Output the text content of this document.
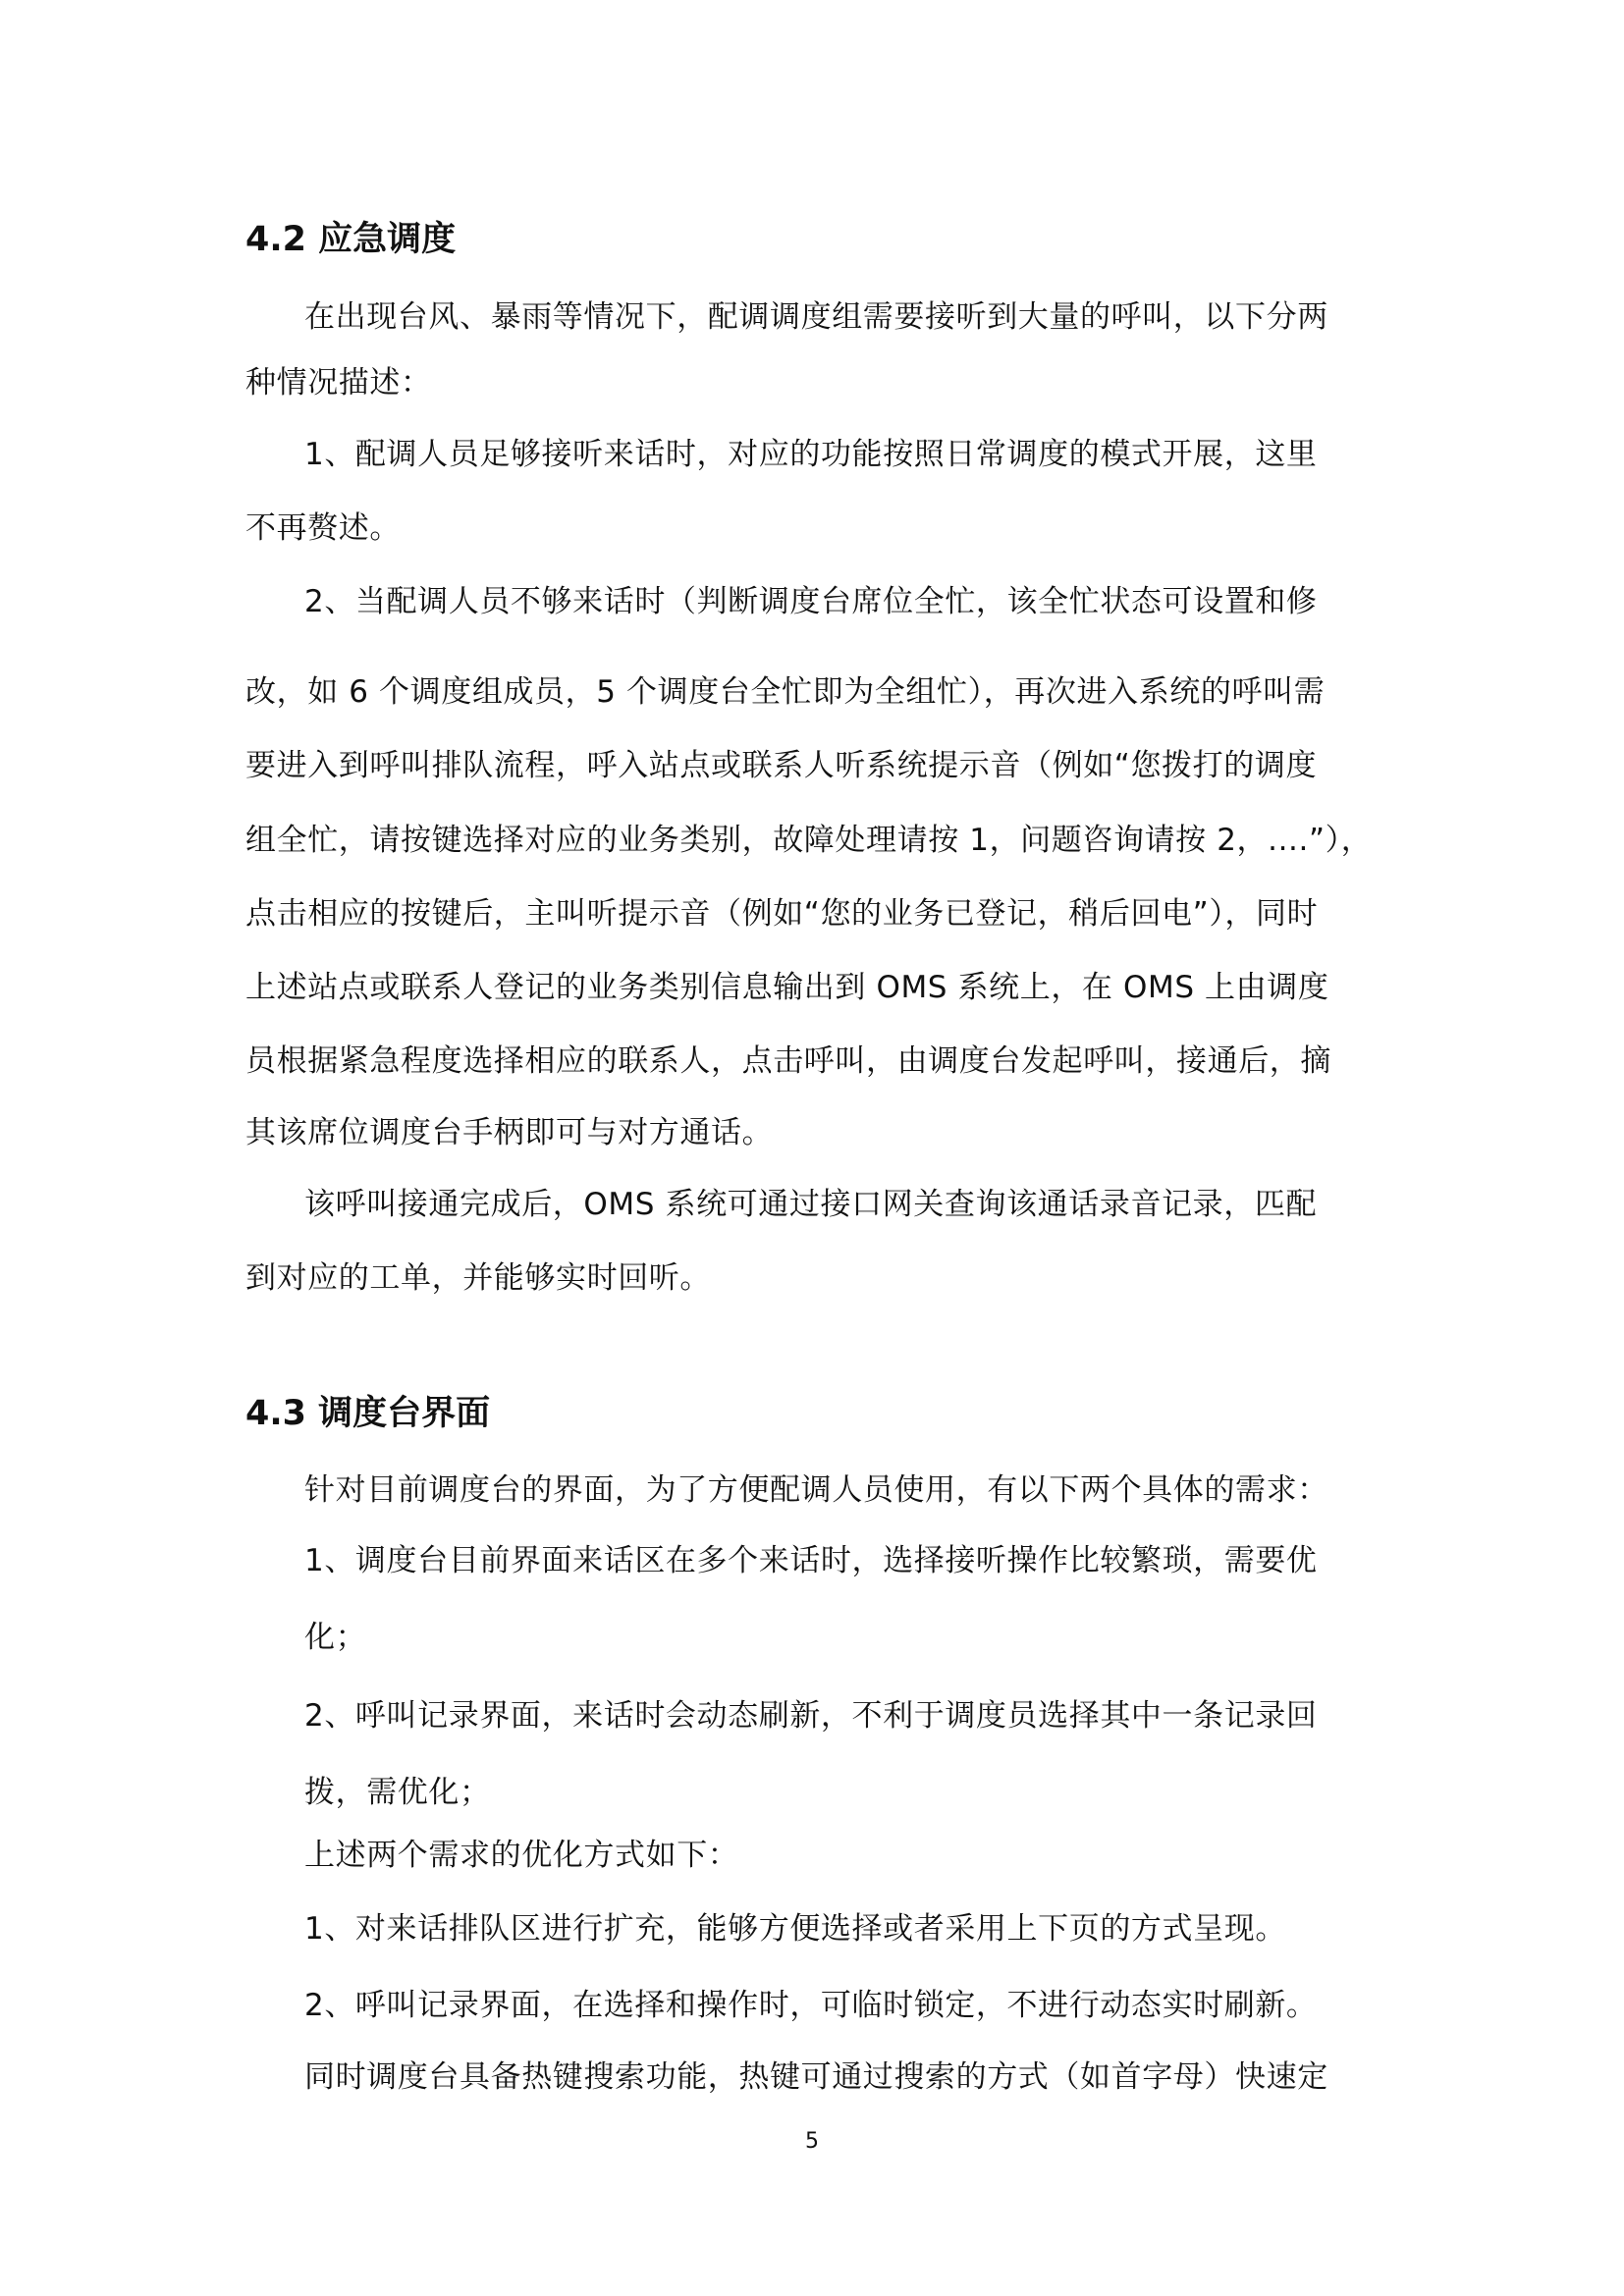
4.2 应急调度

在出现台风、暴雨等情况下，配调调度组需要接听到大量的呼叫，以下分两

种情况描述：

1、配调人员足够接听来话时，对应的功能按照日常调度的模式开展，这里

不再赘述。

2、当配调人员不够来话时（判断调度台席位全忙，该全忙状态可设置和修

改，如 6 个调度组成员，5 个调度台全忙即为全组忙），再次进入系统的呼叫需

要进入到呼叫排队流程，呼入站点或联系人听系统提示音（例如“您拨打的调度

组全忙，请按键选择对应的业务类别，故障处理请按 1，问题咨询请按 2，....”），

点击相应的按键后，主叫听提示音（例如“您的业务已登记，稍后回电”），同时

上述站点或联系人登记的业务类别信息输出到 OMS 系统上，在 OMS 上由调度

员根据紧急程度选择相应的联系人，点击呼叫，由调度台发起呼叫，接通后，摘

其该席位调度台手柄即可与对方通话。

该呼叫接通完成后，OMS 系统可通过接口网关查询该通话录音记录，匹配

到对应的工单，并能够实时回听。

4.3 调度台界面

针对目前调度台的界面，为了方便配调人员使用，有以下两个具体的需求：

1、调度台目前界面来话区在多个来话时，选择接听操作比较繁琐，需要优

化；

2、呼叫记录界面，来话时会动态刷新，不利于调度员选择其中一条记录回

拨，需优化；

上述两个需求的优化方式如下：

1、对来话排队区进行扩充，能够方便选择或者采用上下页的方式呈现。

2、呼叫记录界面，在选择和操作时，可临时锁定，不进行动态实时刷新。

同时调度台具备热键搜索功能，热键可通过搜索的方式（如首字母）快速定

5
